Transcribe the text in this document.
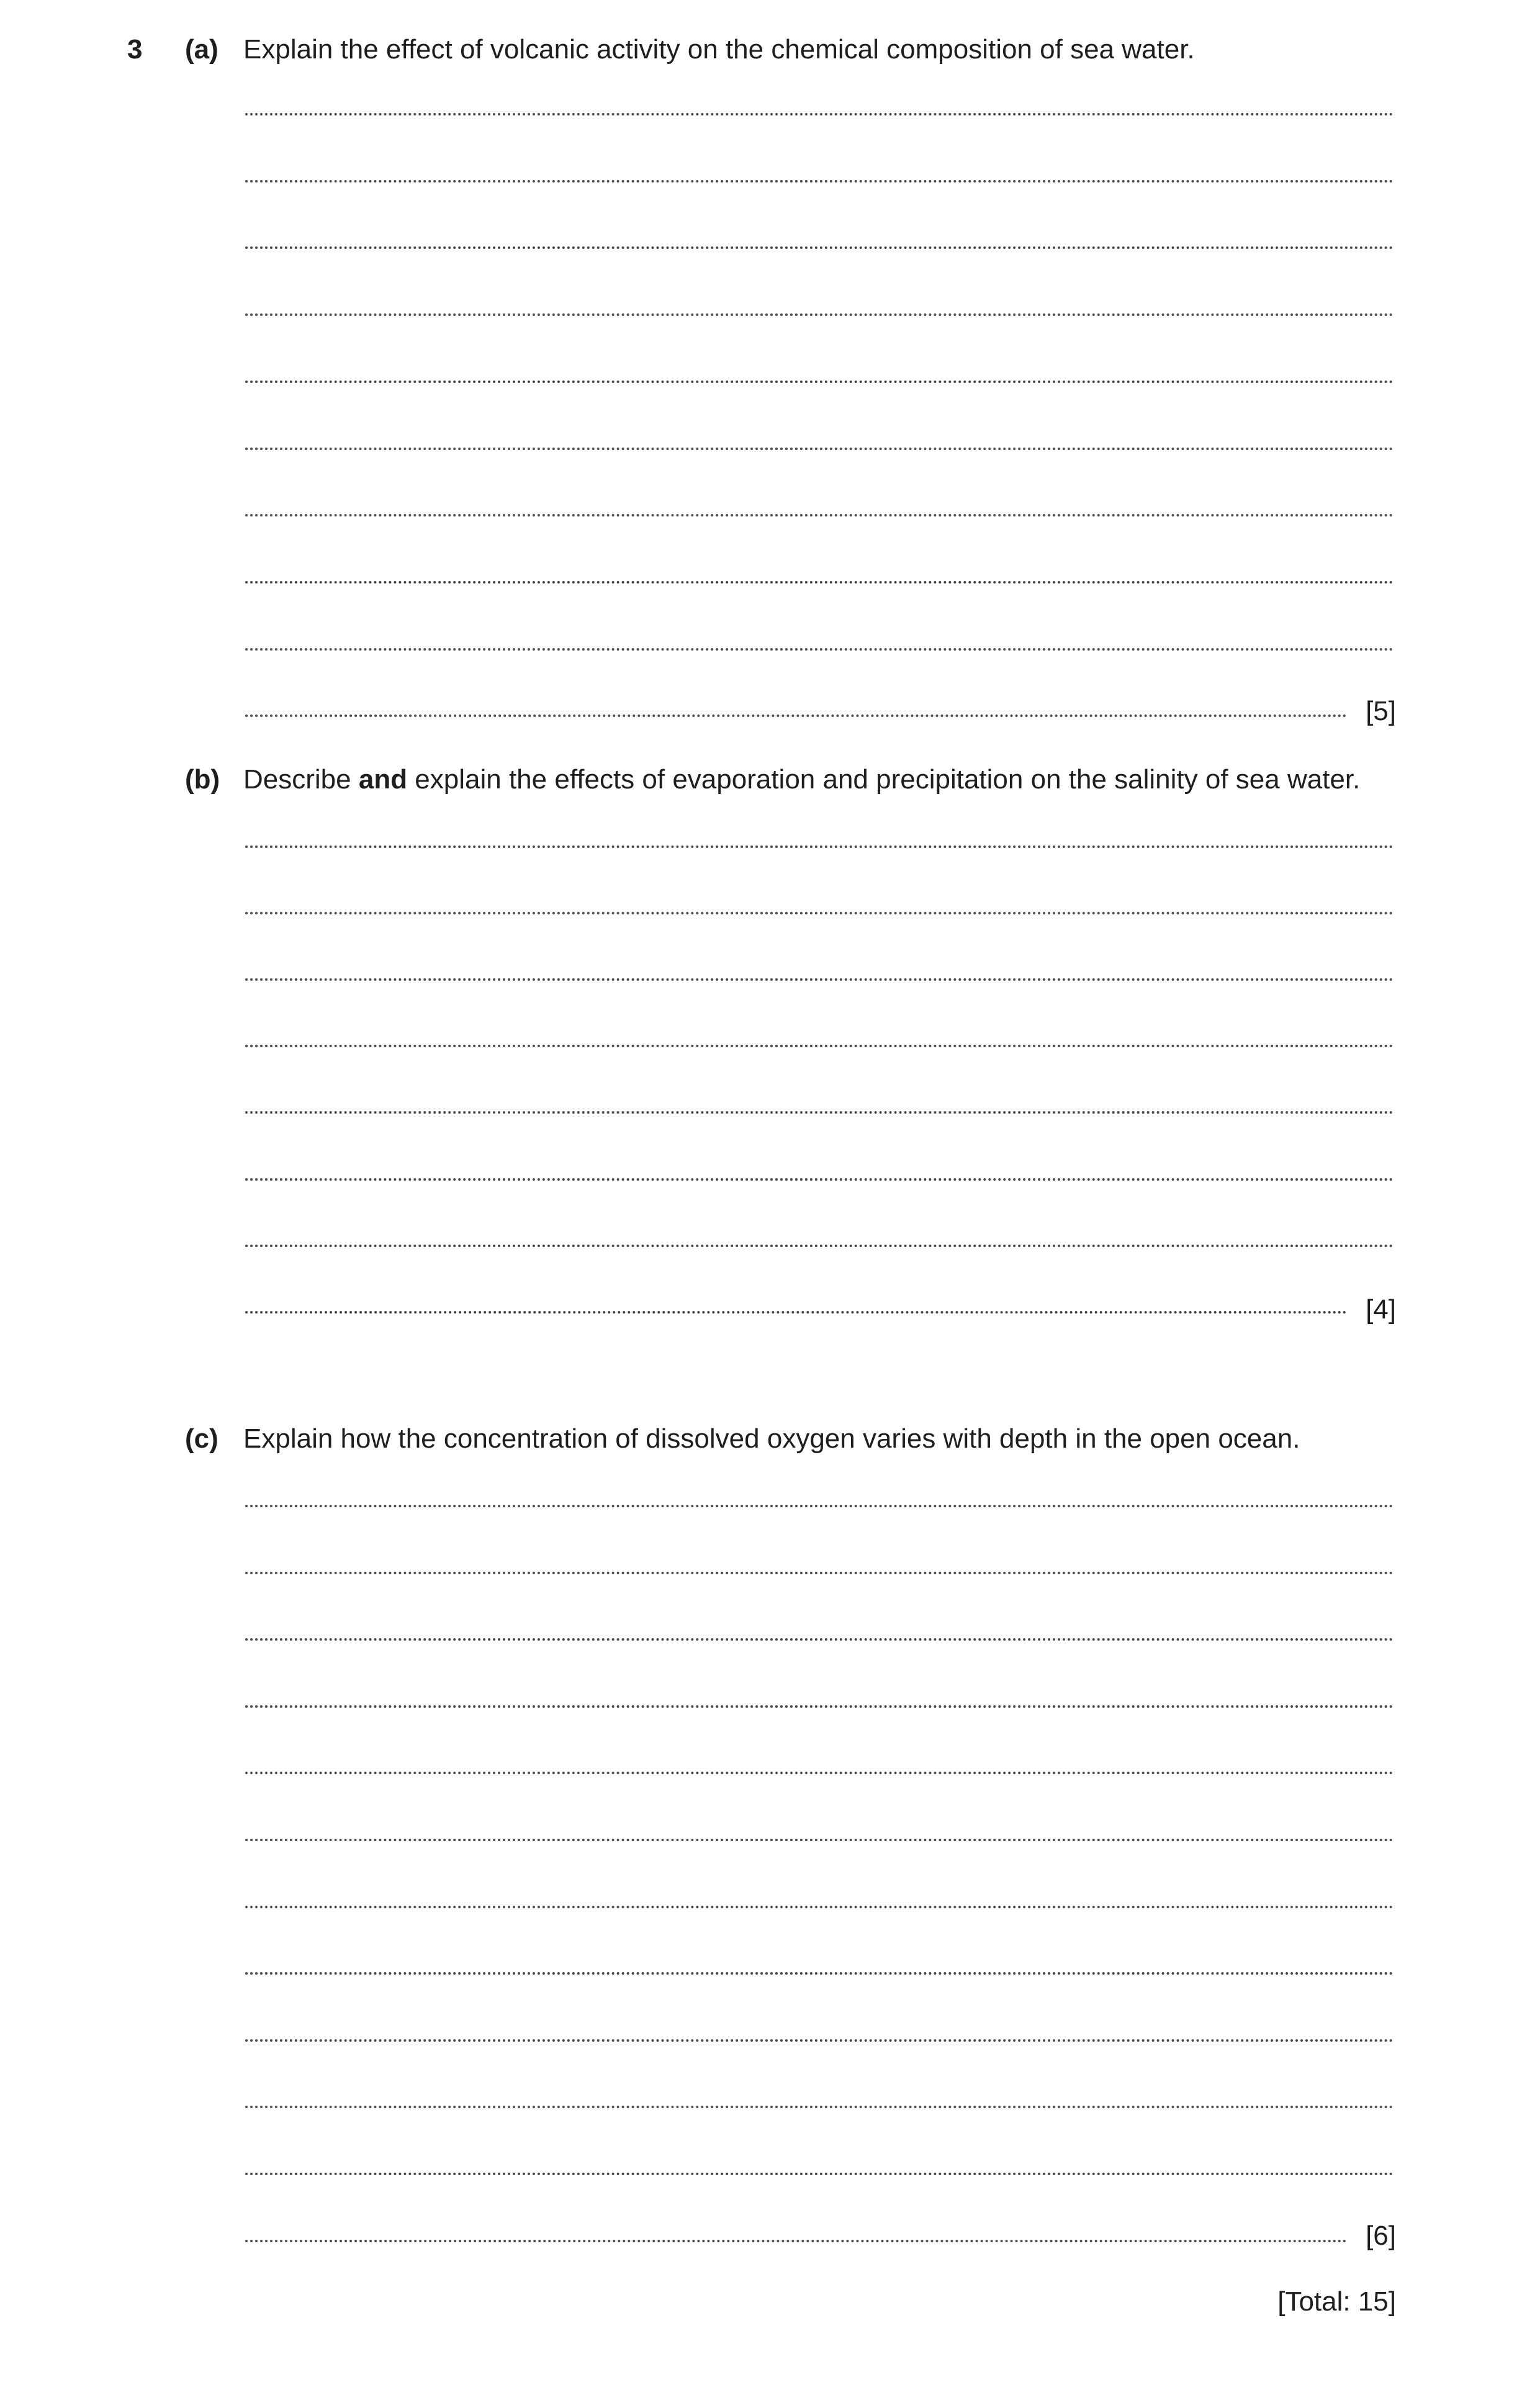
3 (a) Explain the effect of volcanic activity on the chemical composition of sea water.
[5]
(b) Describe and explain the effects of evaporation and precipitation on the salinity of sea water.
[4]
(c) Explain how the concentration of dissolved oxygen varies with depth in the open ocean.
[6]
[Total: 15]
